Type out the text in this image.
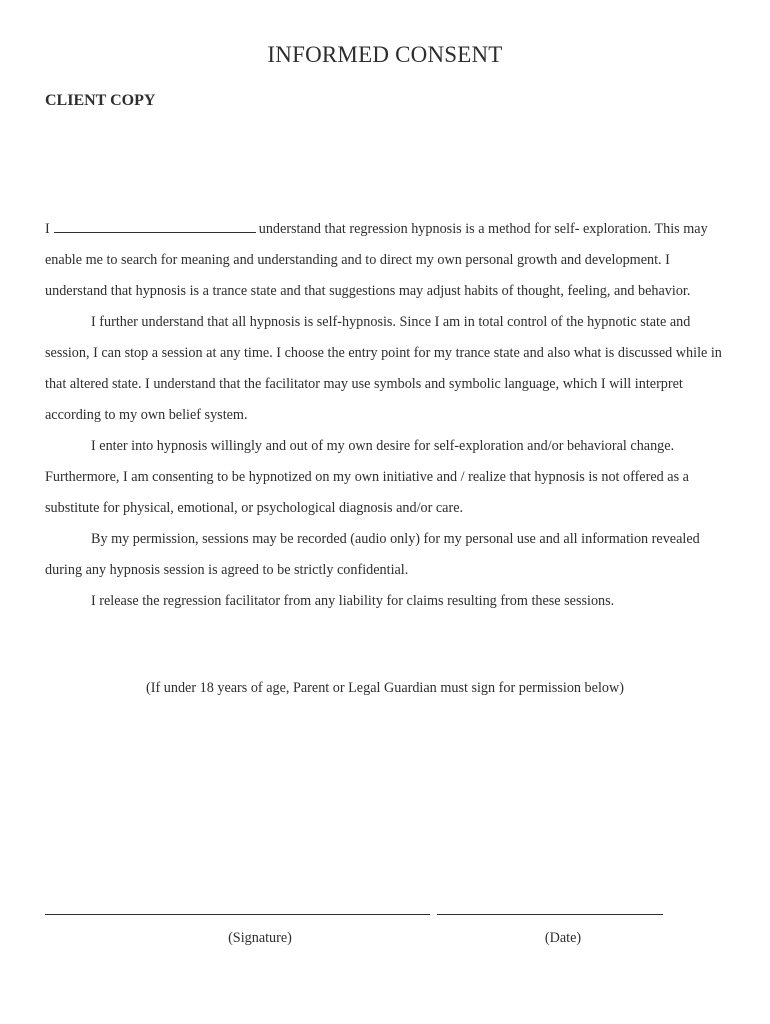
INFORMED CONSENT
CLIENT COPY

I	understand that regression hypnosis is a method for self- exploration. This may enable me to search for meaning and understanding and to direct my own personal growth and development. I understand that hypnosis is a trance state and that suggestions may adjust habits of thought, feeling, and behavior.

I further understand that all hypnosis is self-hypnosis. Since I am in total control of the hypnotic state and session, I can stop a session at any time. I choose the entry point for my trance state and also what is discussed while in that altered state. I understand that the facilitator may use symbols and symbolic language, which I will interpret according to my own belief system.

I enter into hypnosis willingly and out of my own desire for self-exploration and/or behavioral change. Furthermore, I am consenting to be hypnotized on my own initiative and / realize that hypnosis is not offered as a substitute for physical, emotional, or psychological diagnosis and/or care.

By my permission, sessions may be recorded (audio only) for my personal use and all information revealed during any hypnosis session is agreed to be strictly confidential.

I release the regression facilitator from any liability for claims resulting from these sessions.

(If under 18 years of age, Parent or Legal Guardian must sign for permission below)
(Signature)	(Date)
